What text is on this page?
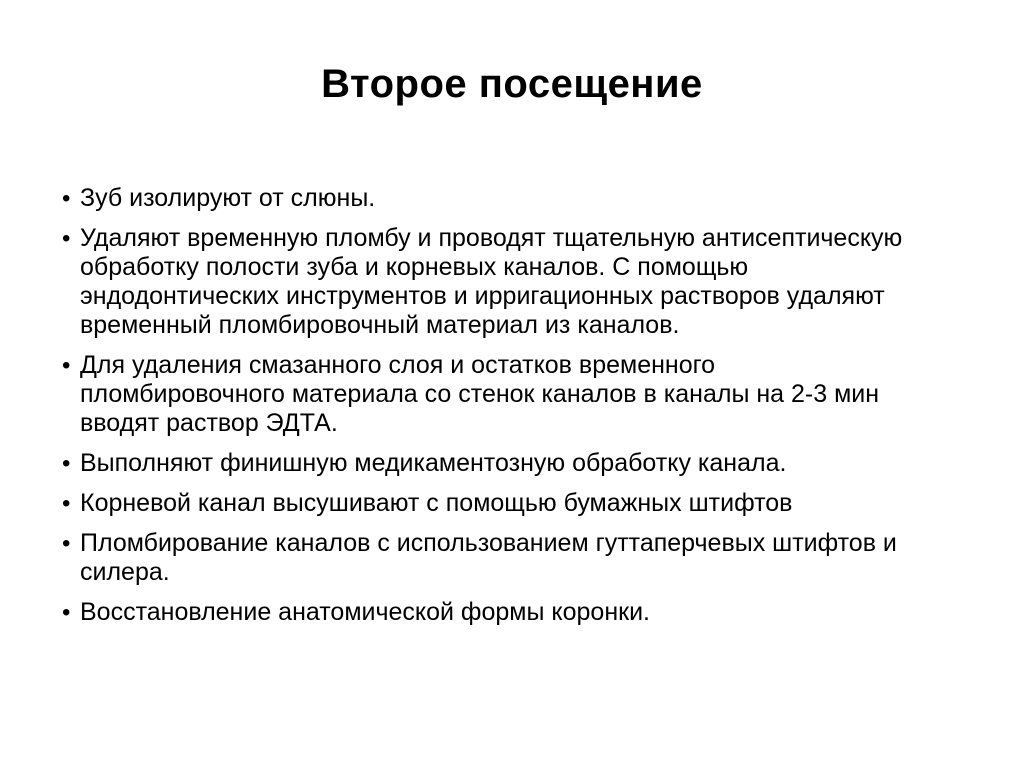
Второе посещение
• Зуб изолируют от слюны.
• Удаляют временную пломбу и проводят тщательную антисептическую обработку полости зуба и корневых каналов. С помощью эндодонтических инструментов и ирригационных растворов удаляют временный пломбировочный материал из каналов.
• Для удаления смазанного слоя и остатков временного пломбировочного материала со стенок каналов в каналы на 2-3 мин вводят раствор ЭДТА.
• Выполняют финишную медикаментозную обработку канала.
• Корневой канал высушивают с помощью бумажных штифтов
• Пломбирование каналов с использованием гуттаперчевых штифтов и силера.
• Восстановление анатомической формы коронки.
